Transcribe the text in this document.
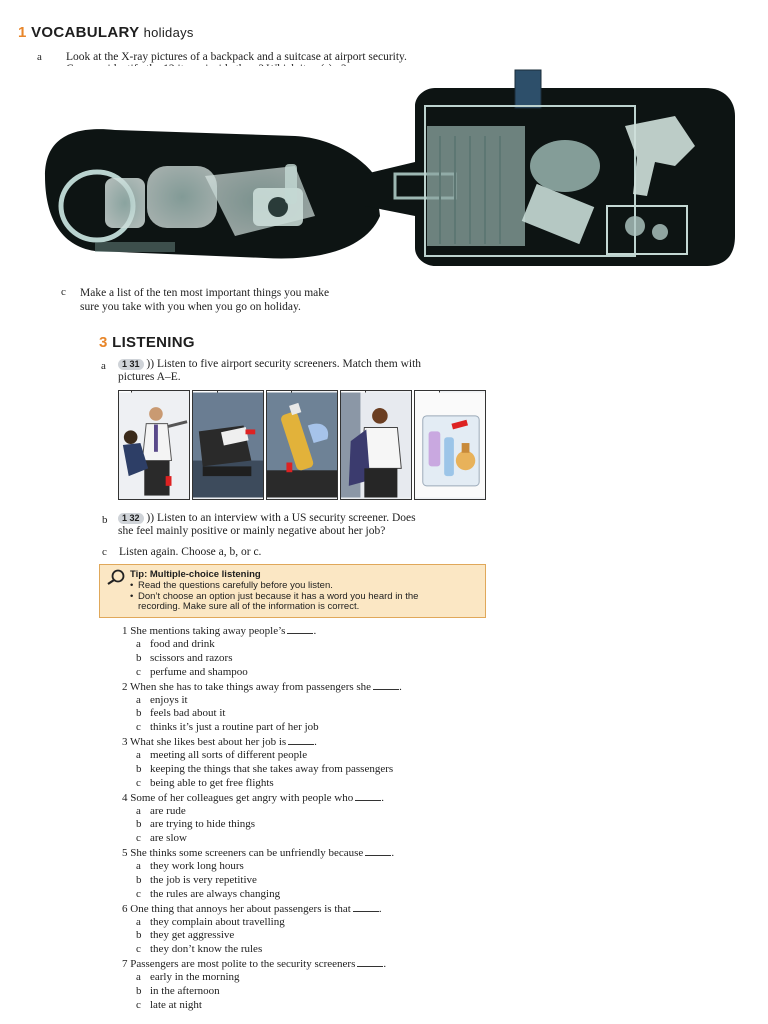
1 VOCABULARY holidays
a Look at the X-ray pictures of a backpack and a suitcase at airport security.
c Make a list of the ten most important things you make
sure you take with you when you go on holiday.
3 LISTENING
a	1 31 )) Listen to five airport security screeners. Match them with
pictures A–E.
b	1 32 )) Listen to an interview with a US security screener. Does
she feel mainly positive or mainly negative about her job?
c Listen again. Choose a, b, or c.
Tip: Multiple-choice listening
• Read the questions carefully before you listen.
• Don’t choose an option just because it has a word you heard in the
recording. Make sure all of the information is correct.
1 She mentions taking away people’s	.
a food and drink
b scissors and razors
c perfume and shampoo
2 When she has to take things away from passengers she	.
a enjoys it
b feels bad about it
c thinks it’s just a routine part of her job
3 What she likes best about her job is	.
a meeting all sorts of different people
b keeping the things that she takes away from passengers
c being able to get free flights
4 Some of her colleagues get angry with people who	.
a are rude
b are trying to hide things
c are slow
5 She thinks some screeners can be unfriendly because	.
a they work long hours
b the job is very repetitive
c the rules are always changing
6 One thing that annoys her about passengers is that	.
a they complain about travelling
b they get aggressive
c they don’t know the rules
7 Passengers are most polite to the security screeners	.
a early in the morning
b in the afternoon
c late at night
